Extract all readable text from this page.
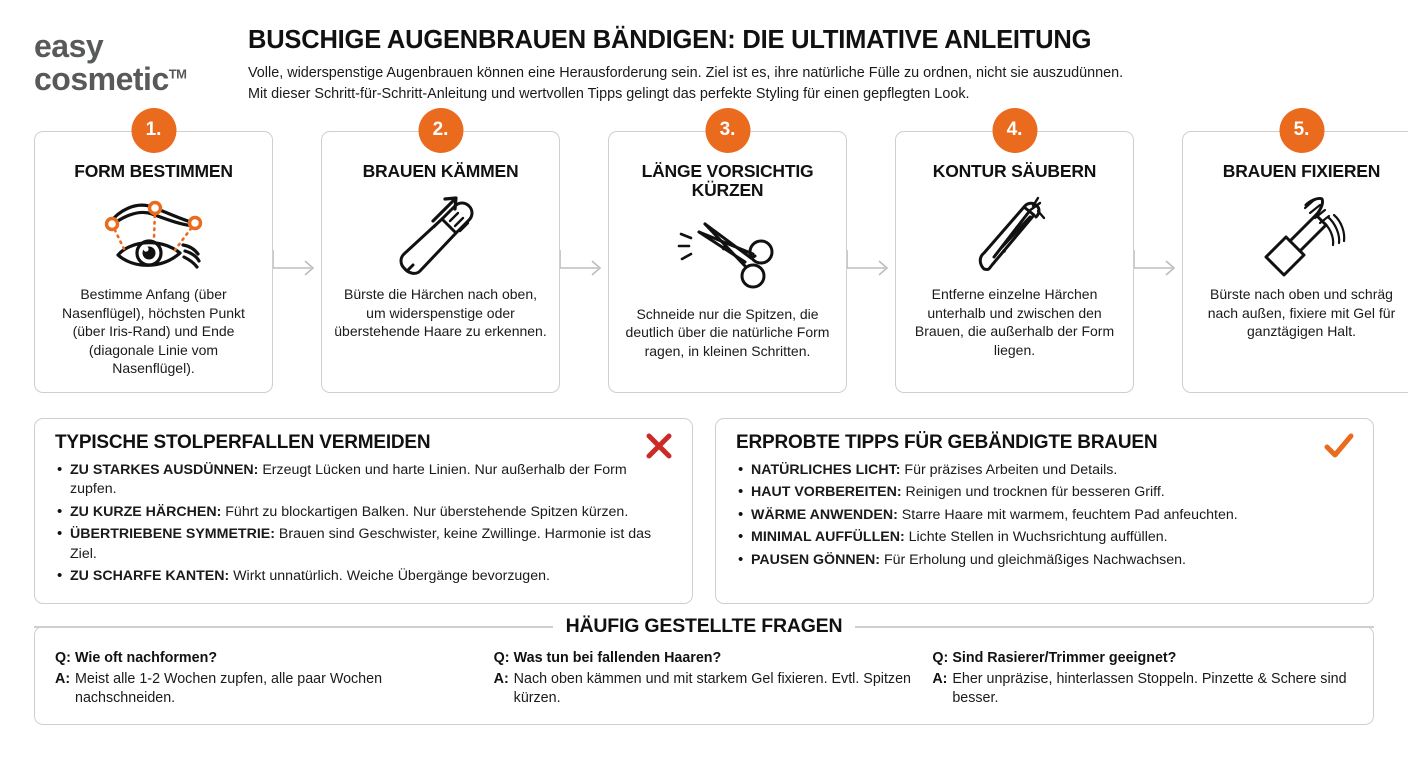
easy
cosmetic™
BUSCHIGE AUGENBRAUEN BÄNDIGEN: DIE ULTIMATIVE ANLEITUNG
Volle, widerspenstige Augenbrauen können eine Herausforderung sein. Ziel ist es, ihre natürliche Fülle zu ordnen, nicht sie auszudünnen.
Mit dieser Schritt-für-Schritt-Anleitung und wertvollen Tipps gelingt das perfekte Styling für einen gepflegten Look.
1.
FORM BESTIMMEN
Bestimme Anfang (über Nasenflügel), höchsten Punkt (über Iris-Rand) und Ende (diagonale Linie vom Nasenflügel).
2.
BRAUEN KÄMMEN
Bürste die Härchen nach oben, um widerspenstige oder überstehende Haare zu erkennen.
3.
LÄNGE VORSICHTIG KÜRZEN
Schneide nur die Spitzen, die deutlich über die natürliche Form ragen, in kleinen Schritten.
4.
KONTUR SÄUBERN
Entferne einzelne Härchen unterhalb und zwischen den Brauen, die außerhalb der Form liegen.
5.
BRAUEN FIXIEREN
Bürste nach oben und schräg nach außen, fixiere mit Gel für ganztägigen Halt.
TYPISCHE STOLPERFALLEN VERMEIDEN
• ZU STARKES AUSDÜNNEN: Erzeugt Lücken und harte Linien. Nur außerhalb der Form zupfen.
• ZU KURZE HÄRCHEN: Führt zu blockartigen Balken. Nur überstehende Spitzen kürzen.
• ÜBERTRIEBENE SYMMETRIE: Brauen sind Geschwister, keine Zwillinge. Harmonie ist das Ziel.
• ZU SCHARFE KANTEN: Wirkt unnatürlich. Weiche Übergänge bevorzugen.
ERPROBTE TIPPS FÜR GEBÄNDIGTE BRAUEN
• NATÜRLICHES LICHT: Für präzises Arbeiten und Details.
• HAUT VORBEREITEN: Reinigen und trocknen für besseren Griff.
• WÄRME ANWENDEN: Starre Haare mit warmem, feuchtem Pad anfeuchten.
• MINIMAL AUFFÜLLEN: Lichte Stellen in Wuchsrichtung auffüllen.
• PAUSEN GÖNNEN: Für Erholung und gleichmäßiges Nachwachsen.
HÄUFIG GESTELLTE FRAGEN
Q: Wie oft nachformen?
A: Meist alle 1-2 Wochen zupfen, alle paar Wochen nachschneiden.
Q: Was tun bei fallenden Haaren?
A: Nach oben kämmen und mit starkem Gel fixieren. Evtl. Spitzen kürzen.
Q: Sind Rasierer/Trimmer geeignet?
A: Eher unpräzise, hinterlassen Stoppeln. Pinzette & Schere sind besser.
